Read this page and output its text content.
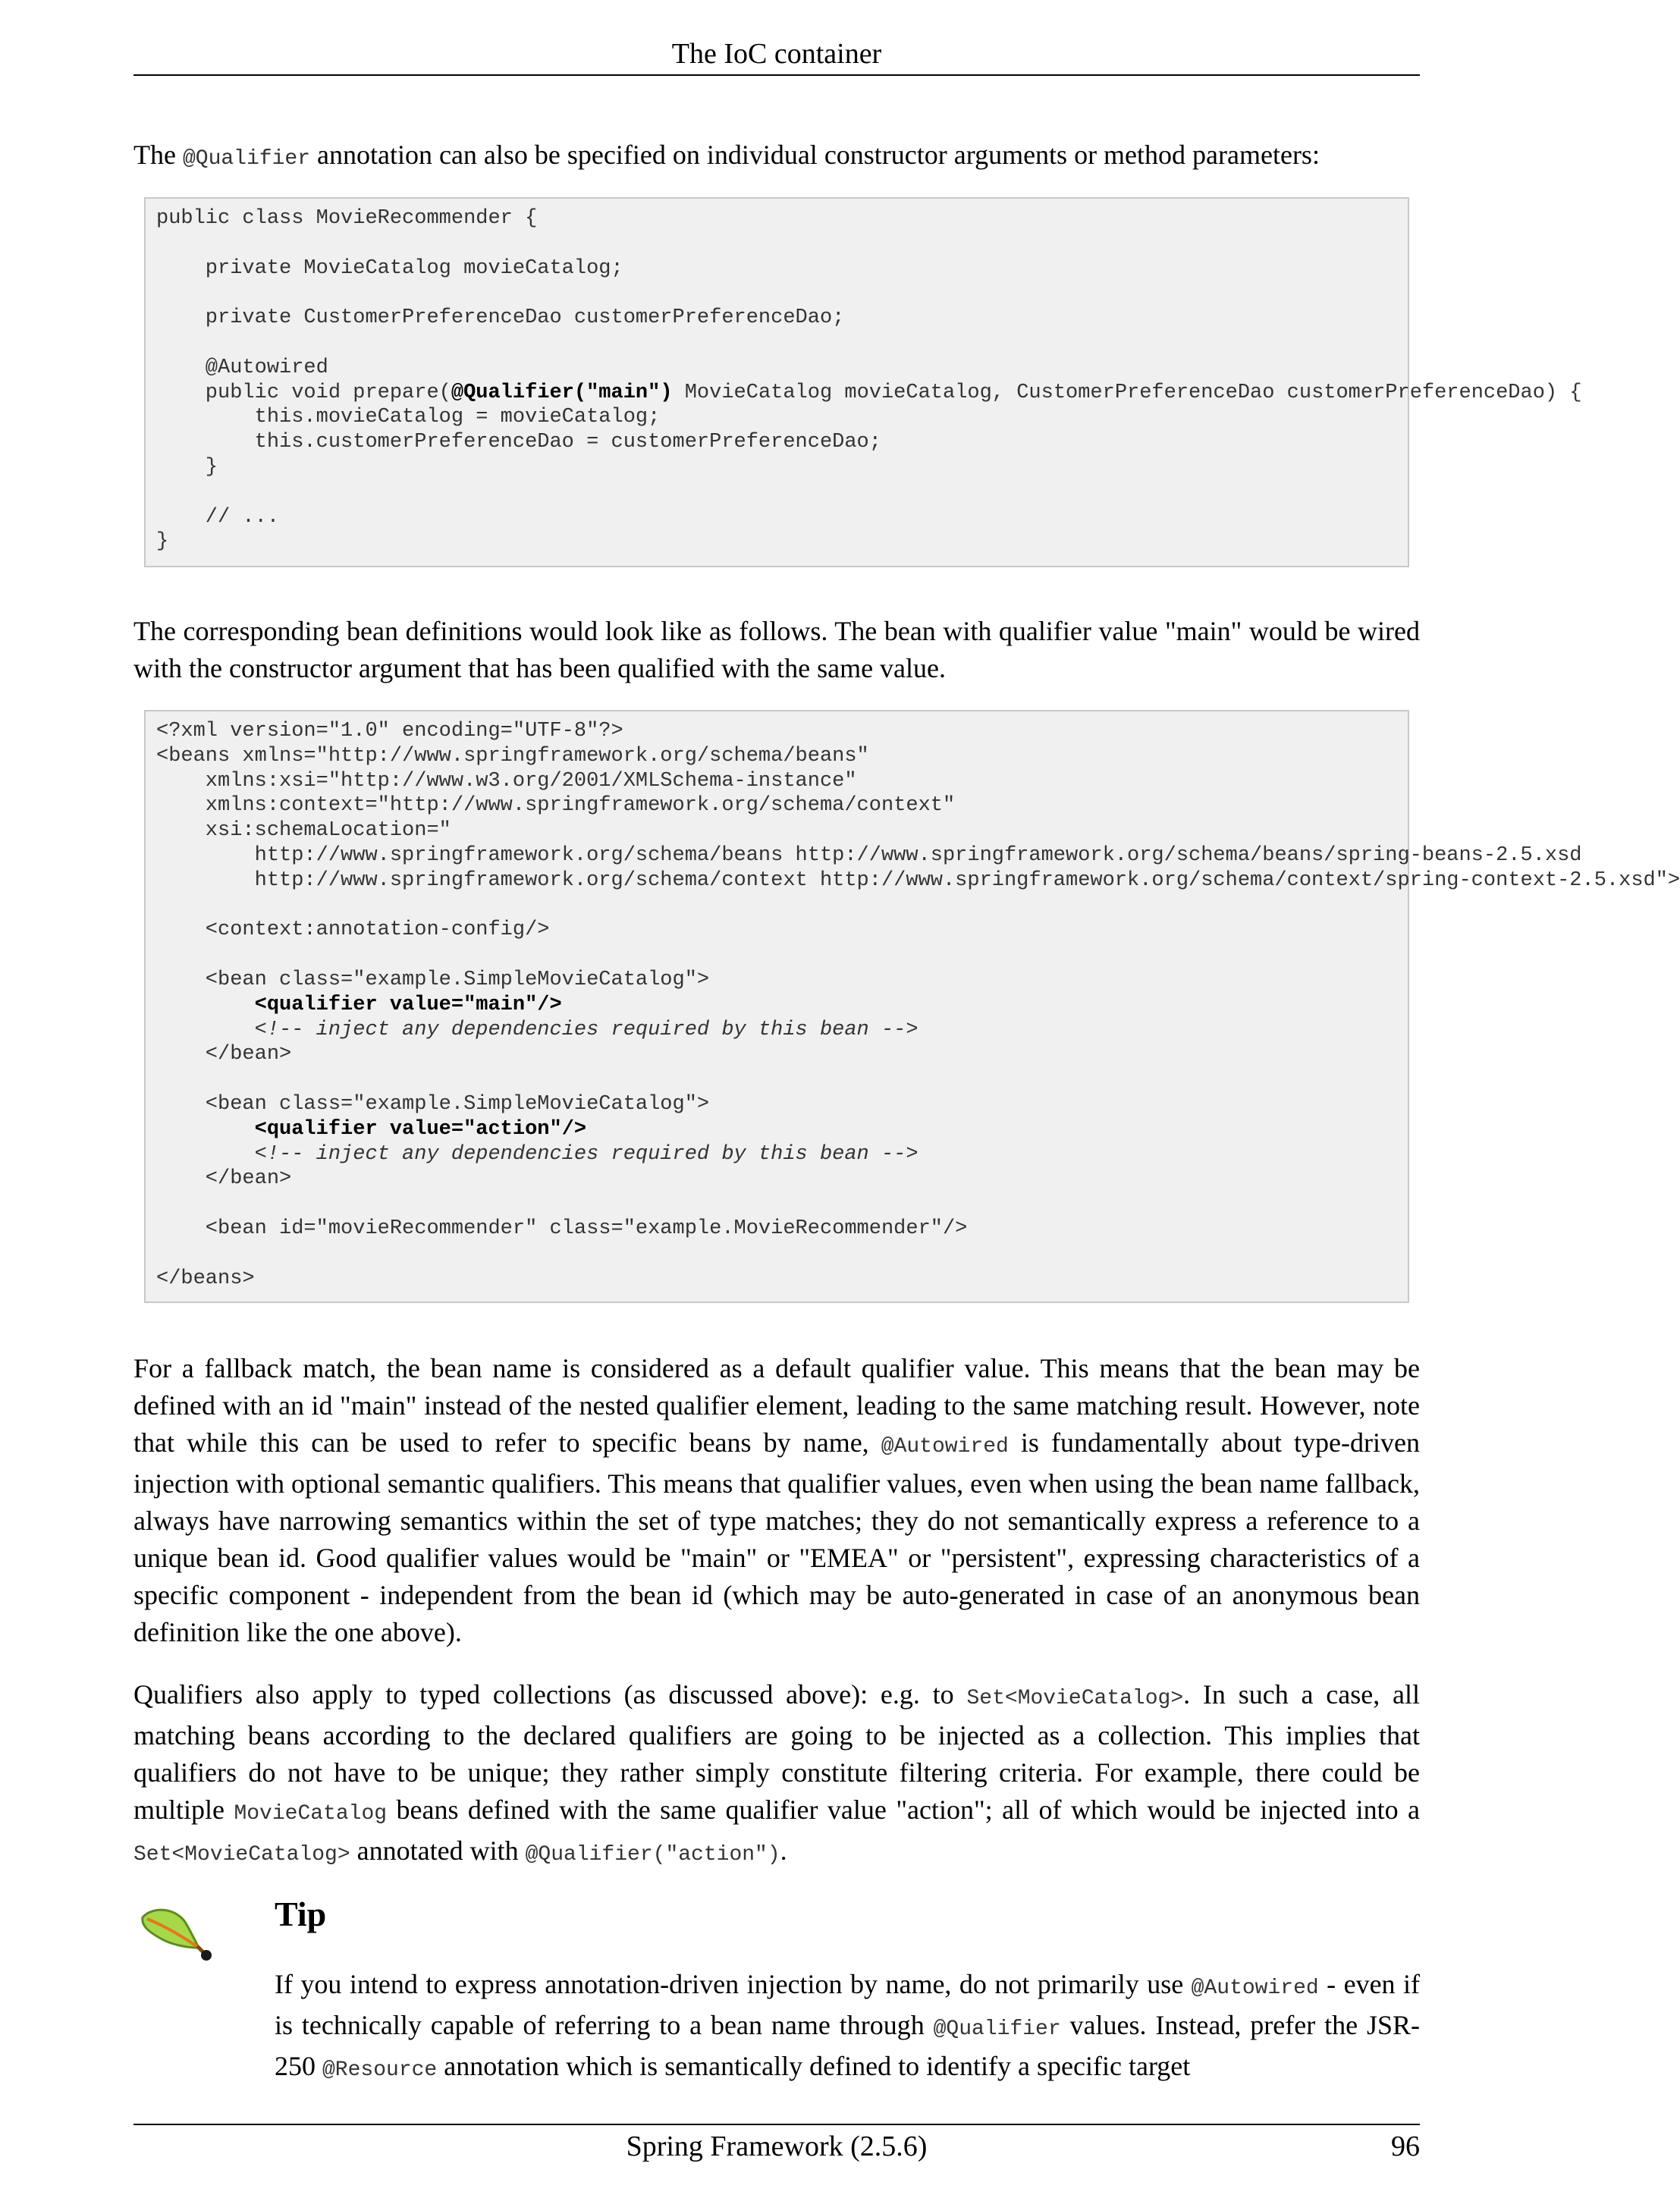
The IoC container

The @Qualifier annotation can also be specified on individual constructor arguments or method parameters:

public class MovieRecommender {
private MovieCatalog movieCatalog;
private CustomerPreferenceDao customerPreferenceDao;
@Autowired
public void prepare(@Qualifier("main") MovieCatalog movieCatalog, CustomerPreferenceDao customerPreferenceDao) {
this.movieCatalog = movieCatalog;
this.customerPreferenceDao = customerPreferenceDao;
}
// ...
}

The corresponding bean definitions would look like as follows. The bean with qualifier value "main" would be wired with the constructor argument that has been qualified with the same value.

<?xml version="1.0" encoding="UTF-8"?>
<beans xmlns="http://www.springframework.org/schema/beans"
xmlns:xsi="http://www.w3.org/2001/XMLSchema-instance"
xmlns:context="http://www.springframework.org/schema/context"
xsi:schemaLocation="
http://www.springframework.org/schema/beans http://www.springframework.org/schema/beans/spring-beans-2.5.xsd
http://www.springframework.org/schema/context http://www.springframework.org/schema/context/spring-context-2.5.xsd">
<context:annotation-config/>
<bean class="example.SimpleMovieCatalog">
<qualifier value="main"/>
<!-- inject any dependencies required by this bean -->
</bean>
<bean class="example.SimpleMovieCatalog">
<qualifier value="action"/>
<!-- inject any dependencies required by this bean -->
</bean>
<bean id="movieRecommender" class="example.MovieRecommender"/>
</beans>

For a fallback match, the bean name is considered as a default qualifier value. This means that the bean may be defined with an id "main" instead of the nested qualifier element, leading to the same matching result. However, note that while this can be used to refer to specific beans by name, @Autowired is fundamentally about type-driven injection with optional semantic qualifiers. This means that qualifier values, even when using the bean name fallback, always have narrowing semantics within the set of type matches; they do not semantically express a reference to a unique bean id. Good qualifier values would be "main" or "EMEA" or "persistent", expressing characteristics of a specific component - independent from the bean id (which may be auto-generated in case of an anonymous bean definition like the one above).

Qualifiers also apply to typed collections (as discussed above): e.g. to Set<MovieCatalog>. In such a case, all matching beans according to the declared qualifiers are going to be injected as a collection. This implies that qualifiers do not have to be unique; they rather simply constitute filtering criteria. For example, there could be multiple MovieCatalog beans defined with the same qualifier value "action"; all of which would be injected into a Set<MovieCatalog> annotated with @Qualifier("action").

Tip

If you intend to express annotation-driven injection by name, do not primarily use @Autowired - even if is technically capable of referring to a bean name through @Qualifier values. Instead, prefer the JSR-250 @Resource annotation which is semantically defined to identify a specific target

Spring Framework (2.5.6)	96
